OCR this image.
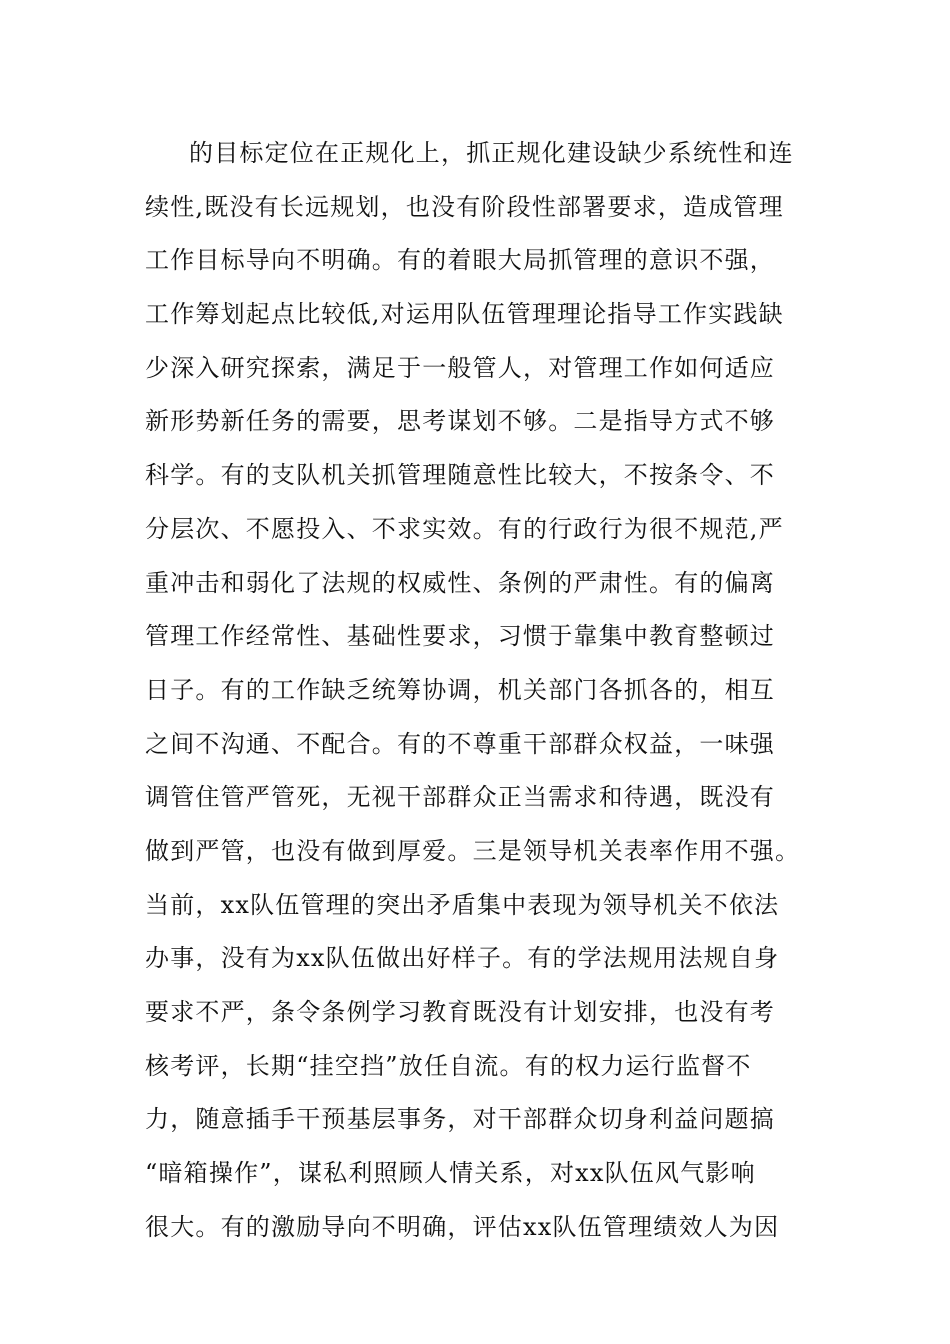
的目标定位在正规化上，抓正规化建设缺少系统性和连
续性,既没有长远规划，也没有阶段性部署要求，造成管理
工作目标导向不明确。有的着眼大局抓管理的意识不强，
工作筹划起点比较低,对运用队伍管理理论指导工作实践缺
少深入研究探索，满足于一般管人，对管理工作如何适应
新形势新任务的需要，思考谋划不够。二是指导方式不够
科学。有的支队机关抓管理随意性比较大，不按条令、不
分层次、不愿投入、不求实效。有的行政行为很不规范,严
重冲击和弱化了法规的权威性、条例的严肃性。有的偏离
管理工作经常性、基础性要求，习惯于靠集中教育整顿过
日子。有的工作缺乏统筹协调，机关部门各抓各的，相互
之间不沟通、不配合。有的不尊重干部群众权益，一味强
调管住管严管死，无视干部群众正当需求和待遇，既没有
做到严管，也没有做到厚爱。三是领导机关表率作用不强。
当前，xx队伍管理的突出矛盾集中表现为领导机关不依法
办事，没有为xx队伍做出好样子。有的学法规用法规自身
要求不严，条令条例学习教育既没有计划安排，也没有考
核考评，长期“挂空挡”放任自流。有的权力运行监督不
力，随意插手干预基层事务，对干部群众切身利益问题搞
“暗箱操作”，谋私利照顾人情关系，对xx队伍风气影响
很大。有的激励导向不明确，评估xx队伍管理绩效人为因
